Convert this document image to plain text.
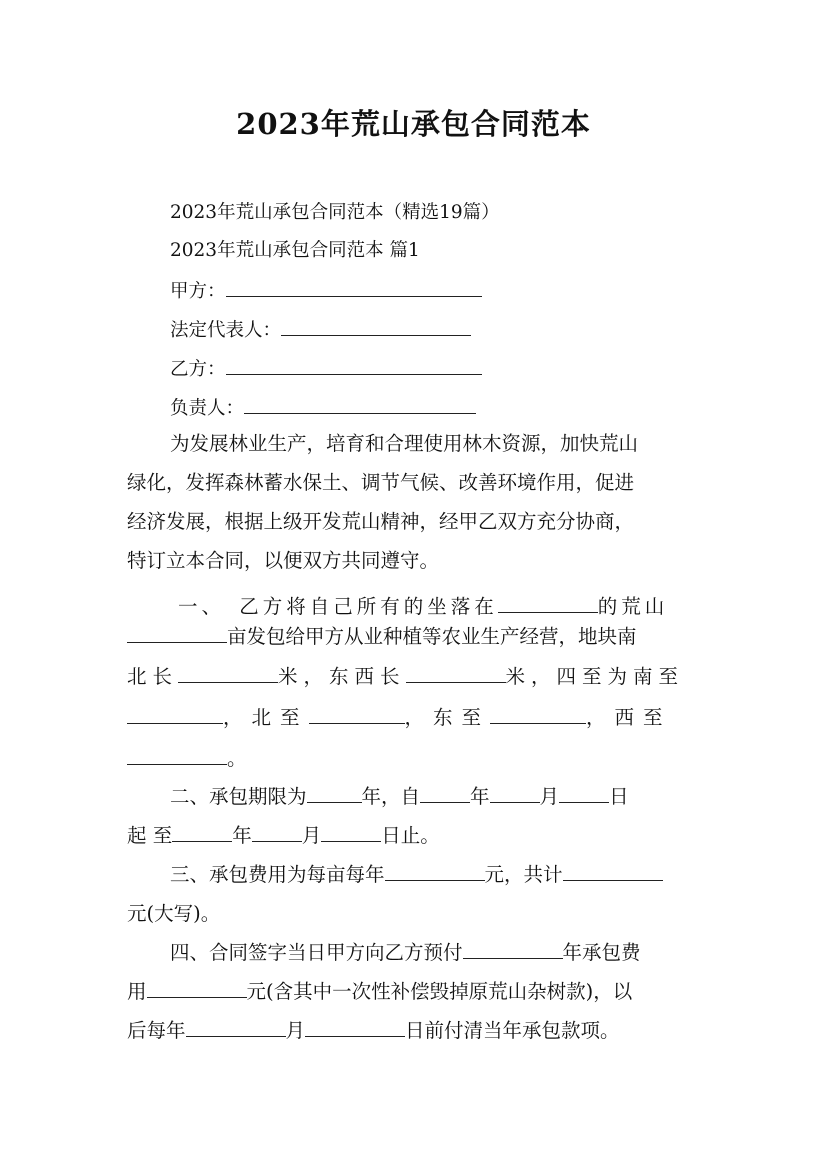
2023年荒山承包合同范本
2023年荒山承包合同范本（精选19篇）
2023年荒山承包合同范本 篇1
甲方：
法定代表人：
乙方：
负责人：
为发展林业生产，培育和合理使用林木资源，加快荒山
绿化，发挥森林蓄水保土、调节气候、改善环境作用，促进
经济发展，根据上级开发荒山精神，经甲乙双方充分协商，
特订立本合同，以便双方共同遵守。
一、 乙方将自己所有的坐落在	的荒山
亩发包给甲方从业种植等农业生产经营，地块南
北长	米，东西长	米，四至为南至
，北至	，东至	，西至
。
二、承包期限为	年，自	年	月	日
起 至	年	月	日止。
三、承包费用为每亩每年	元，共计
元(大写)。
四、合同签字当日甲方向乙方预付	年承包费
用	元(含其中一次性补偿毁掉原荒山杂树款)，以
后每年	月	日前付清当年承包款项。
